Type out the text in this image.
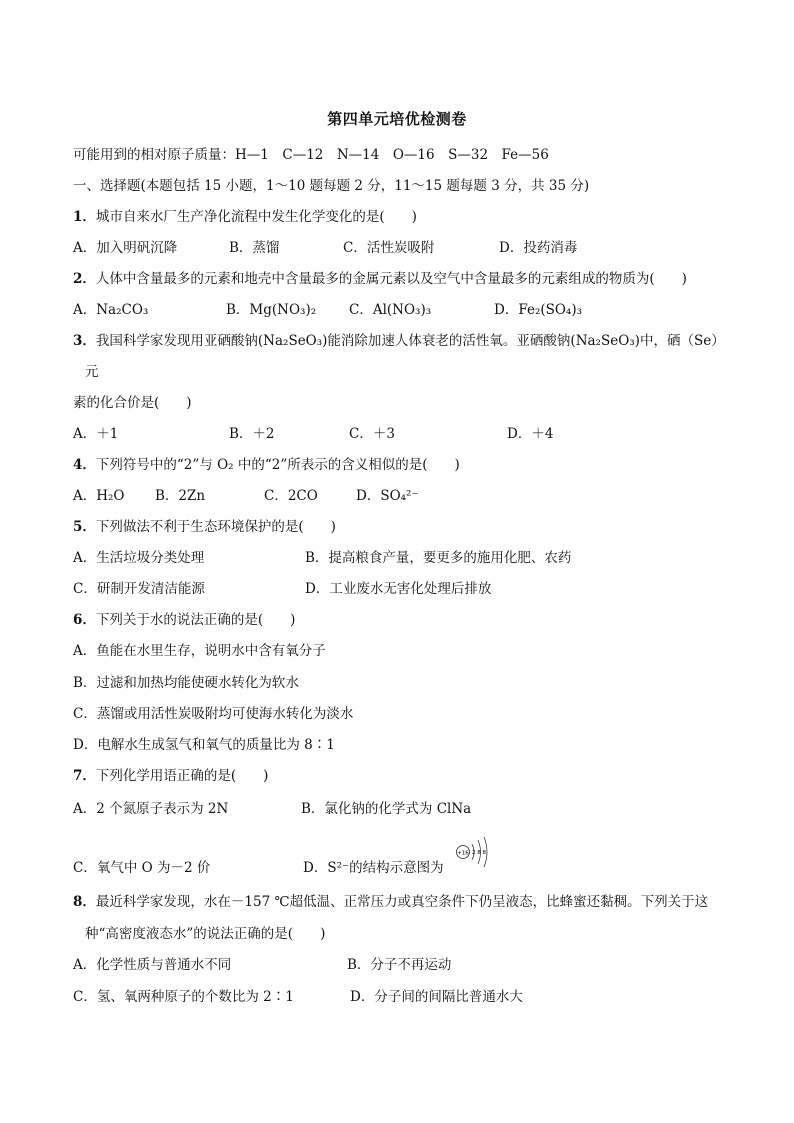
第四单元培优检测卷
可能用到的相对原子质量：H—1　C—12　N—14　O—16　S—32　Fe—56
一、选择题(本题包括 15 小题，1～10 题每题 2 分，11～15 题每题 3 分，共 35 分)
1．城市自来水厂生产净化流程中发生化学变化的是(　　)
A．加入明矾沉降	B．蒸馏	C．活性炭吸附	D．投药消毒
2．人体中含量最多的元素和地壳中含量最多的金属元素以及空气中含量最多的元素组成的物质为(　　)
A．Na₂CO₃	B．Mg(NO₃)₂ C．Al(NO₃)₃	D．Fe₂(SO₄)₃
3．我国科学家发现用亚硒酸钠(Na₂SeO₃)能消除加速人体衰老的活性氧。亚硒酸钠(Na₂SeO₃)中，硒（Se）
元
素的化合价是(　　)
A．＋1	B．＋2	C．＋3	D．＋4
4．下列符号中的“2”与 O₂ 中的“2”所表示的含义相似的是(　　)
A．H₂O B．2Zn	C．2CO	D．SO₄²⁻
5．下列做法不利于生态环境保护的是(　　)
A．生活垃圾分类处理	B．提高粮食产量，要更多的施用化肥、农药
C．研制开发清洁能源	D．工业废水无害化处理后排放
6．下列关于水的说法正确的是(　　)
A．鱼能在水里生存，说明水中含有氧分子
B．过滤和加热均能使硬水转化为软水
C．蒸馏或用活性炭吸附均可使海水转化为淡水
D．电解水生成氢气和氧气的质量比为 8∶1
7．下列化学用语正确的是(　　)
A．2 个氮原子表示为 2N	B．氯化钠的化学式为 ClNa
C．氧气中 O 为－2 价	D．S²⁻的结构示意图为
+16 2 8 8
8．最近科学家发现，水在－157 ℃超低温、正常压力或真空条件下仍呈液态，比蜂蜜还黏稠。下列关于这
种“高密度液态水”的说法正确的是(　　)
A．化学性质与普通水不同	B．分子不再运动
C．氢、氧两种原子的个数比为 2∶1	D．分子间的间隔比普通水大
